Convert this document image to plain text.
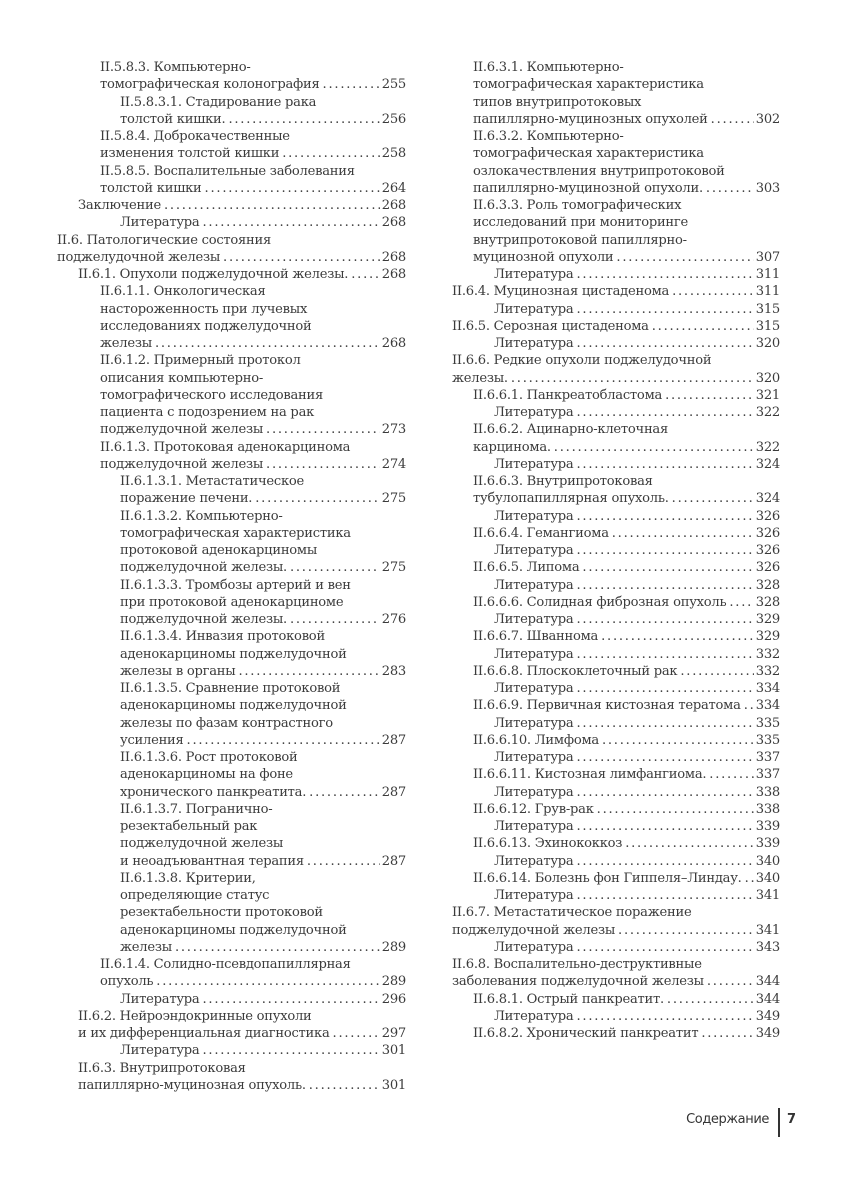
II.5.8.3. Компьютерно-
томографическая колонография . . .	255
II.5.8.3.1. Стадирование рака
толстой кишки. . . .	256
II.5.8.4. Доброкачественные
изменения толстой кишки . . .	258
II.5.8.5. Воспалительные заболевания
толстой кишки . . .	264
Заключение . . .	268
Литература . . .	268
II.6. Патологические состояния
поджелудочной железы . . .	268
II.6.1. Опухоли поджелудочной железы. . . .	268
II.6.1.1. Онкологическая
настороженность при лучевых
исследованиях поджелудочной
железы . . .	268
II.6.1.2. Примерный протокол
описания компьютерно-
томографического исследования
пациента с подозрением на рак
поджелудочной железы . . .	273
II.6.1.3. Протоковая аденокарцинома
поджелудочной железы . . .	274
II.6.1.3.1. Метастатическое
поражение печени. . . .	275
II.6.1.3.2. Компьютерно-
томографическая характеристика
протоковой аденокарциномы
поджелудочной железы. . . .	275
II.6.1.3.3. Тромбозы артерий и вен
при протоковой аденокарциноме
поджелудочной железы. . . .	276
II.6.1.3.4. Инвазия протоковой
аденокарциномы поджелудочной
железы в органы . . .	283
II.6.1.3.5. Сравнение протоковой
аденокарциномы поджелудочной
железы по фазам контрастного
усиления . . .	287
II.6.1.3.6. Рост протоковой
аденокарциномы на фоне
хронического панкреатита. . . .	287
II.6.1.3.7. Погранично-
резектабельный рак
поджелудочной железы
и неоадъювантная терапия . . .	287
II.6.1.3.8. Критерии,
определяющие статус
резектабельности протоковой
аденокарциномы поджелудочной
железы . . .	289
II.6.1.4. Солидно-псевдопапиллярная
опухоль . . .	289
Литература . . .	296
II.6.2. Нейроэндокринные опухоли
и их дифференциальная диагностика . . .	297
Литература . . .	301
II.6.3. Внутрипротоковая
папиллярно-муцинозная опухоль. . . .	301
II.6.3.1. Компьютерно-
томографическая характеристика
типов внутрипротоковых
папиллярно-муцинозных опухолей . . .	302
II.6.3.2. Компьютерно-
томографическая характеристика
озлокачествления внутрипротоковой
папиллярно-муцинозной опухоли. . . .	303
II.6.3.3. Роль томографических
исследований при мониторинге
внутрипротоковой папиллярно-
муцинозной опухоли . . .	307
Литература . . .	311
II.6.4. Муцинозная цистаденома . . .	311
Литература . . .	315
II.6.5. Серозная цистаденома . . .	315
Литература . . .	320
II.6.6. Редкие опухоли поджелудочной
железы. . . .	320
II.6.6.1. Панкреатобластома . . .	321
Литература . . .	322
II.6.6.2. Ацинарно-клеточная
карцинома. . . .	322
Литература . . .	324
II.6.6.3. Внутрипротоковая
тубулопапиллярная опухоль. . . .	324
Литература . . .	326
II.6.6.4. Гемангиома . . .	326
Литература . . .	326
II.6.6.5. Липома . . .	326
Литература . . .	328
II.6.6.6. Солидная фиброзная опухоль . . . 328
Литература . . .	329
II.6.6.7. Шваннома . . .	329
Литература . . .	332
II.6.6.8. Плоскоклеточный рак . . .	332
Литература . . .	334
II.6.6.9. Первичная кистозная тератома . . . 334
Литература . . .	335
II.6.6.10. Лимфома . . .	335
Литература . . .	337
II.6.6.11. Кистозная лимфангиома. . . .	337
Литература . . .	338
II.6.6.12. Грув-рак . . .	338
Литература . . .	339
II.6.6.13. Эхинококкоз . . .	339
Литература . . .	340
II.6.6.14. Болезнь фон Гиппеля–Линдау. . . . 340
Литература . . .	341
II.6.7. Метастатическое поражение
поджелудочной железы . . .	341
Литература . . .	343
II.6.8. Воспалительно-деструктивные
заболевания поджелудочной железы . . .	344
II.6.8.1. Острый панкреатит. . . .	344
Литература . . .	349
II.6.8.2. Хронический панкреатит . . .	349
Содержание 7
